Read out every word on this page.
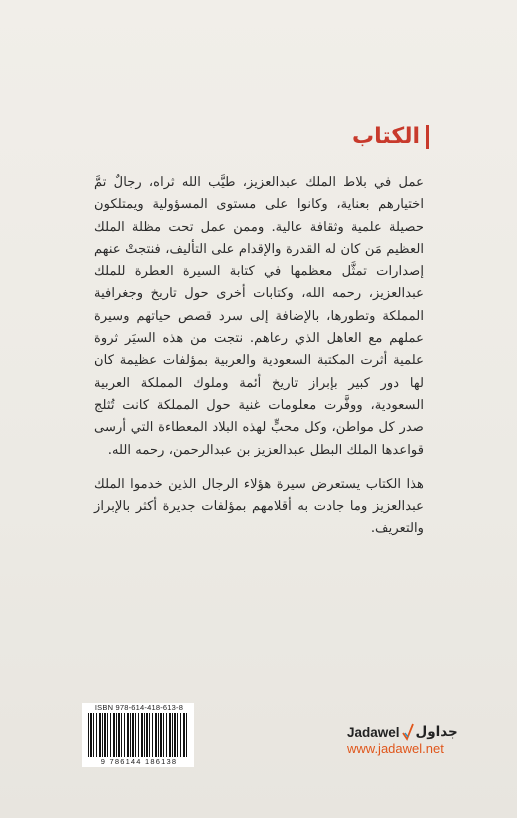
الكتاب

عمل في بلاط الملك عبدالعزيز، طيَّب الله ثراه، رجالٌ تمَّ اختيارهم بعناية، وكانوا على مستوى المسؤولية ويمتلكون حصيلة علمية وثقافة عالية. وممن عمل تحت مظلة الملك العظيم مَن كان له القدرة والإقدام على التأليف، فنتجتْ عنهم إصدارات تمثَّل معظمها في كتابة السيرة العطرة للملك عبدالعزيز، رحمه الله، وكتابات أخرى حول تاريخ وجغرافية المملكة وتطورها، بالإضافة إلى سرد قصص حياتهم وسيرة عملهم مع العاهل الذي رعاهم. نتجت من هذه السيَر ثروة علمية أثرت المكتبة السعودية والعربية بمؤلفات عظيمة كان لها دور كبير بإبراز تاريخ أئمة وملوك المملكة العربية السعودية، ووفَّرت معلومات غنية حول المملكة كانت تُثلج صدر كل مواطن، وكل محبٍّ لهذه البلاد المعطاءة التي أرسى قواعدها الملك البطل عبدالعزيز بن عبدالرحمن، رحمه الله.

هذا الكتاب يستعرض سيرة هؤلاء الرجال الذين خدموا الملك عبدالعزيز وما جادت به أقلامهم بمؤلفات جديرة أكثر بالإبراز والتعريف.

ISBN 978-614-418-613-8
9 786144 186138
Jadawel جداول
www.jadawel.net
